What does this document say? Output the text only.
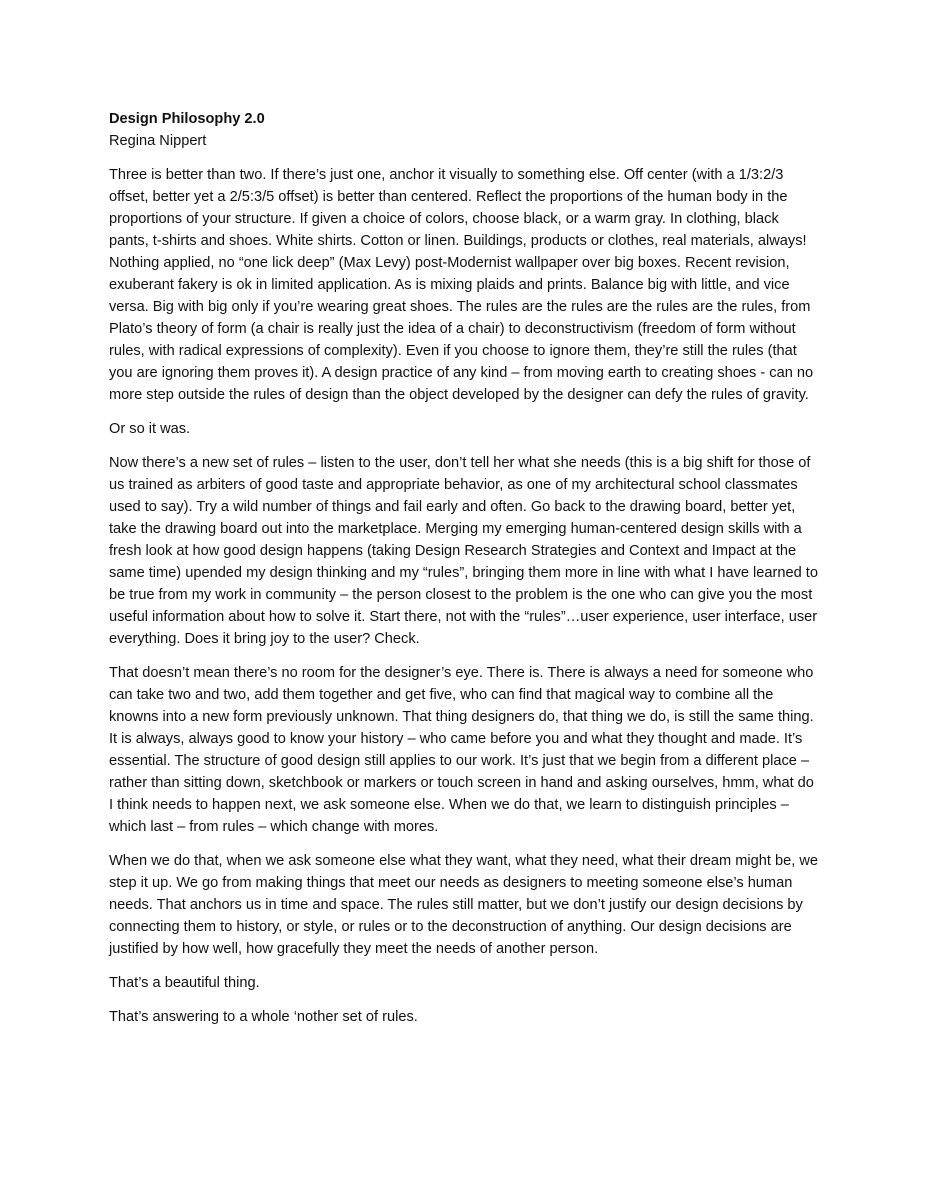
Design Philosophy 2.0

Regina Nippert

Three is better than two. If there’s just one, anchor it visually to something else. Off center (with a 1/3:2/3 offset, better yet a 2/5:3/5 offset) is better than centered. Reflect the proportions of the human body in the proportions of your structure. If given a choice of colors, choose black, or a warm gray. In clothing, black pants, t-shirts and shoes. White shirts. Cotton or linen. Buildings, products or clothes, real materials, always! Nothing applied, no “one lick deep” (Max Levy) post-Modernist wallpaper over big boxes. Recent revision, exuberant fakery is ok in limited application. As is mixing plaids and prints. Balance big with little, and vice versa. Big with big only if you’re wearing great shoes. The rules are the rules are the rules are the rules, from Plato’s theory of form (a chair is really just the idea of a chair) to deconstructivism (freedom of form without rules, with radical expressions of complexity). Even if you choose to ignore them, they’re still the rules (that you are ignoring them proves it). A design practice of any kind – from moving earth to creating shoes - can no more step outside the rules of design than the object developed by the designer can defy the rules of gravity.

Or so it was.

Now there’s a new set of rules – listen to the user, don’t tell her what she needs (this is a big shift for those of us trained as arbiters of good taste and appropriate behavior, as one of my architectural school classmates used to say). Try a wild number of things and fail early and often. Go back to the drawing board, better yet, take the drawing board out into the marketplace. Merging my emerging human-centered design skills with a fresh look at how good design happens (taking Design Research Strategies and Context and Impact at the same time) upended my design thinking and my “rules”, bringing them more in line with what I have learned to be true from my work in community – the person closest to the problem is the one who can give you the most useful information about how to solve it. Start there, not with the “rules”…user experience, user interface, user everything. Does it bring joy to the user? Check.

That doesn’t mean there’s no room for the designer’s eye. There is. There is always a need for someone who can take two and two, add them together and get five, who can find that magical way to combine all the knowns into a new form previously unknown. That thing designers do, that thing we do, is still the same thing. It is always, always good to know your history – who came before you and what they thought and made. It’s essential. The structure of good design still applies to our work. It’s just that we begin from a different place – rather than sitting down, sketchbook or markers or touch screen in hand and asking ourselves, hmm, what do I think needs to happen next, we ask someone else. When we do that, we learn to distinguish principles – which last – from rules – which change with mores.

When we do that, when we ask someone else what they want, what they need, what their dream might be, we step it up. We go from making things that meet our needs as designers to meeting someone else’s human needs. That anchors us in time and space. The rules still matter, but we don’t justify our design decisions by connecting them to history, or style, or rules or to the deconstruction of anything. Our design decisions are justified by how well, how gracefully they meet the needs of another person.

That’s a beautiful thing.

That’s answering to a whole ‘nother set of rules.
